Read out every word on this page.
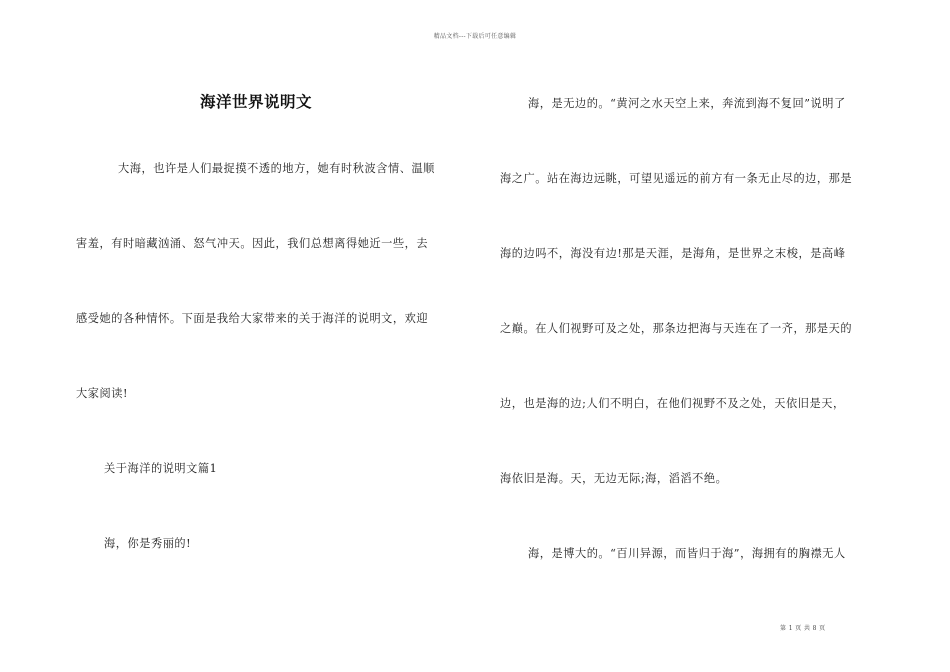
精品文档---下载后可任意编辑
海洋世界说明文
大海，也许是人们最捉摸不透的地方，她有时秋波含情、温顺
害羞，有时暗藏汹涌、怒气冲天。因此，我们总想离得她近一些，去
感受她的各种情怀。下面是我给大家带来的关于海洋的说明文，欢迎
大家阅读!
关于海洋的说明文篇1
海，你是秀丽的!
海，是无边的。“黄河之水天空上来，奔流到海不复回”说明了
海之广。站在海边远眺，可望见遥远的前方有一条无止尽的边，那是
海的边吗不，海没有边!那是天涯，是海角，是世界之末梭，是高峰
之巅。在人们视野可及之处，那条边把海与天连在了一齐，那是天的
边，也是海的边;人们不明白，在他们视野不及之处，天依旧是天，
海依旧是海。天，无边无际;海，滔滔不绝。
海，是博大的。“百川异源，而皆归于海”，海拥有的胸襟无人
第 1 页 共 8 页
